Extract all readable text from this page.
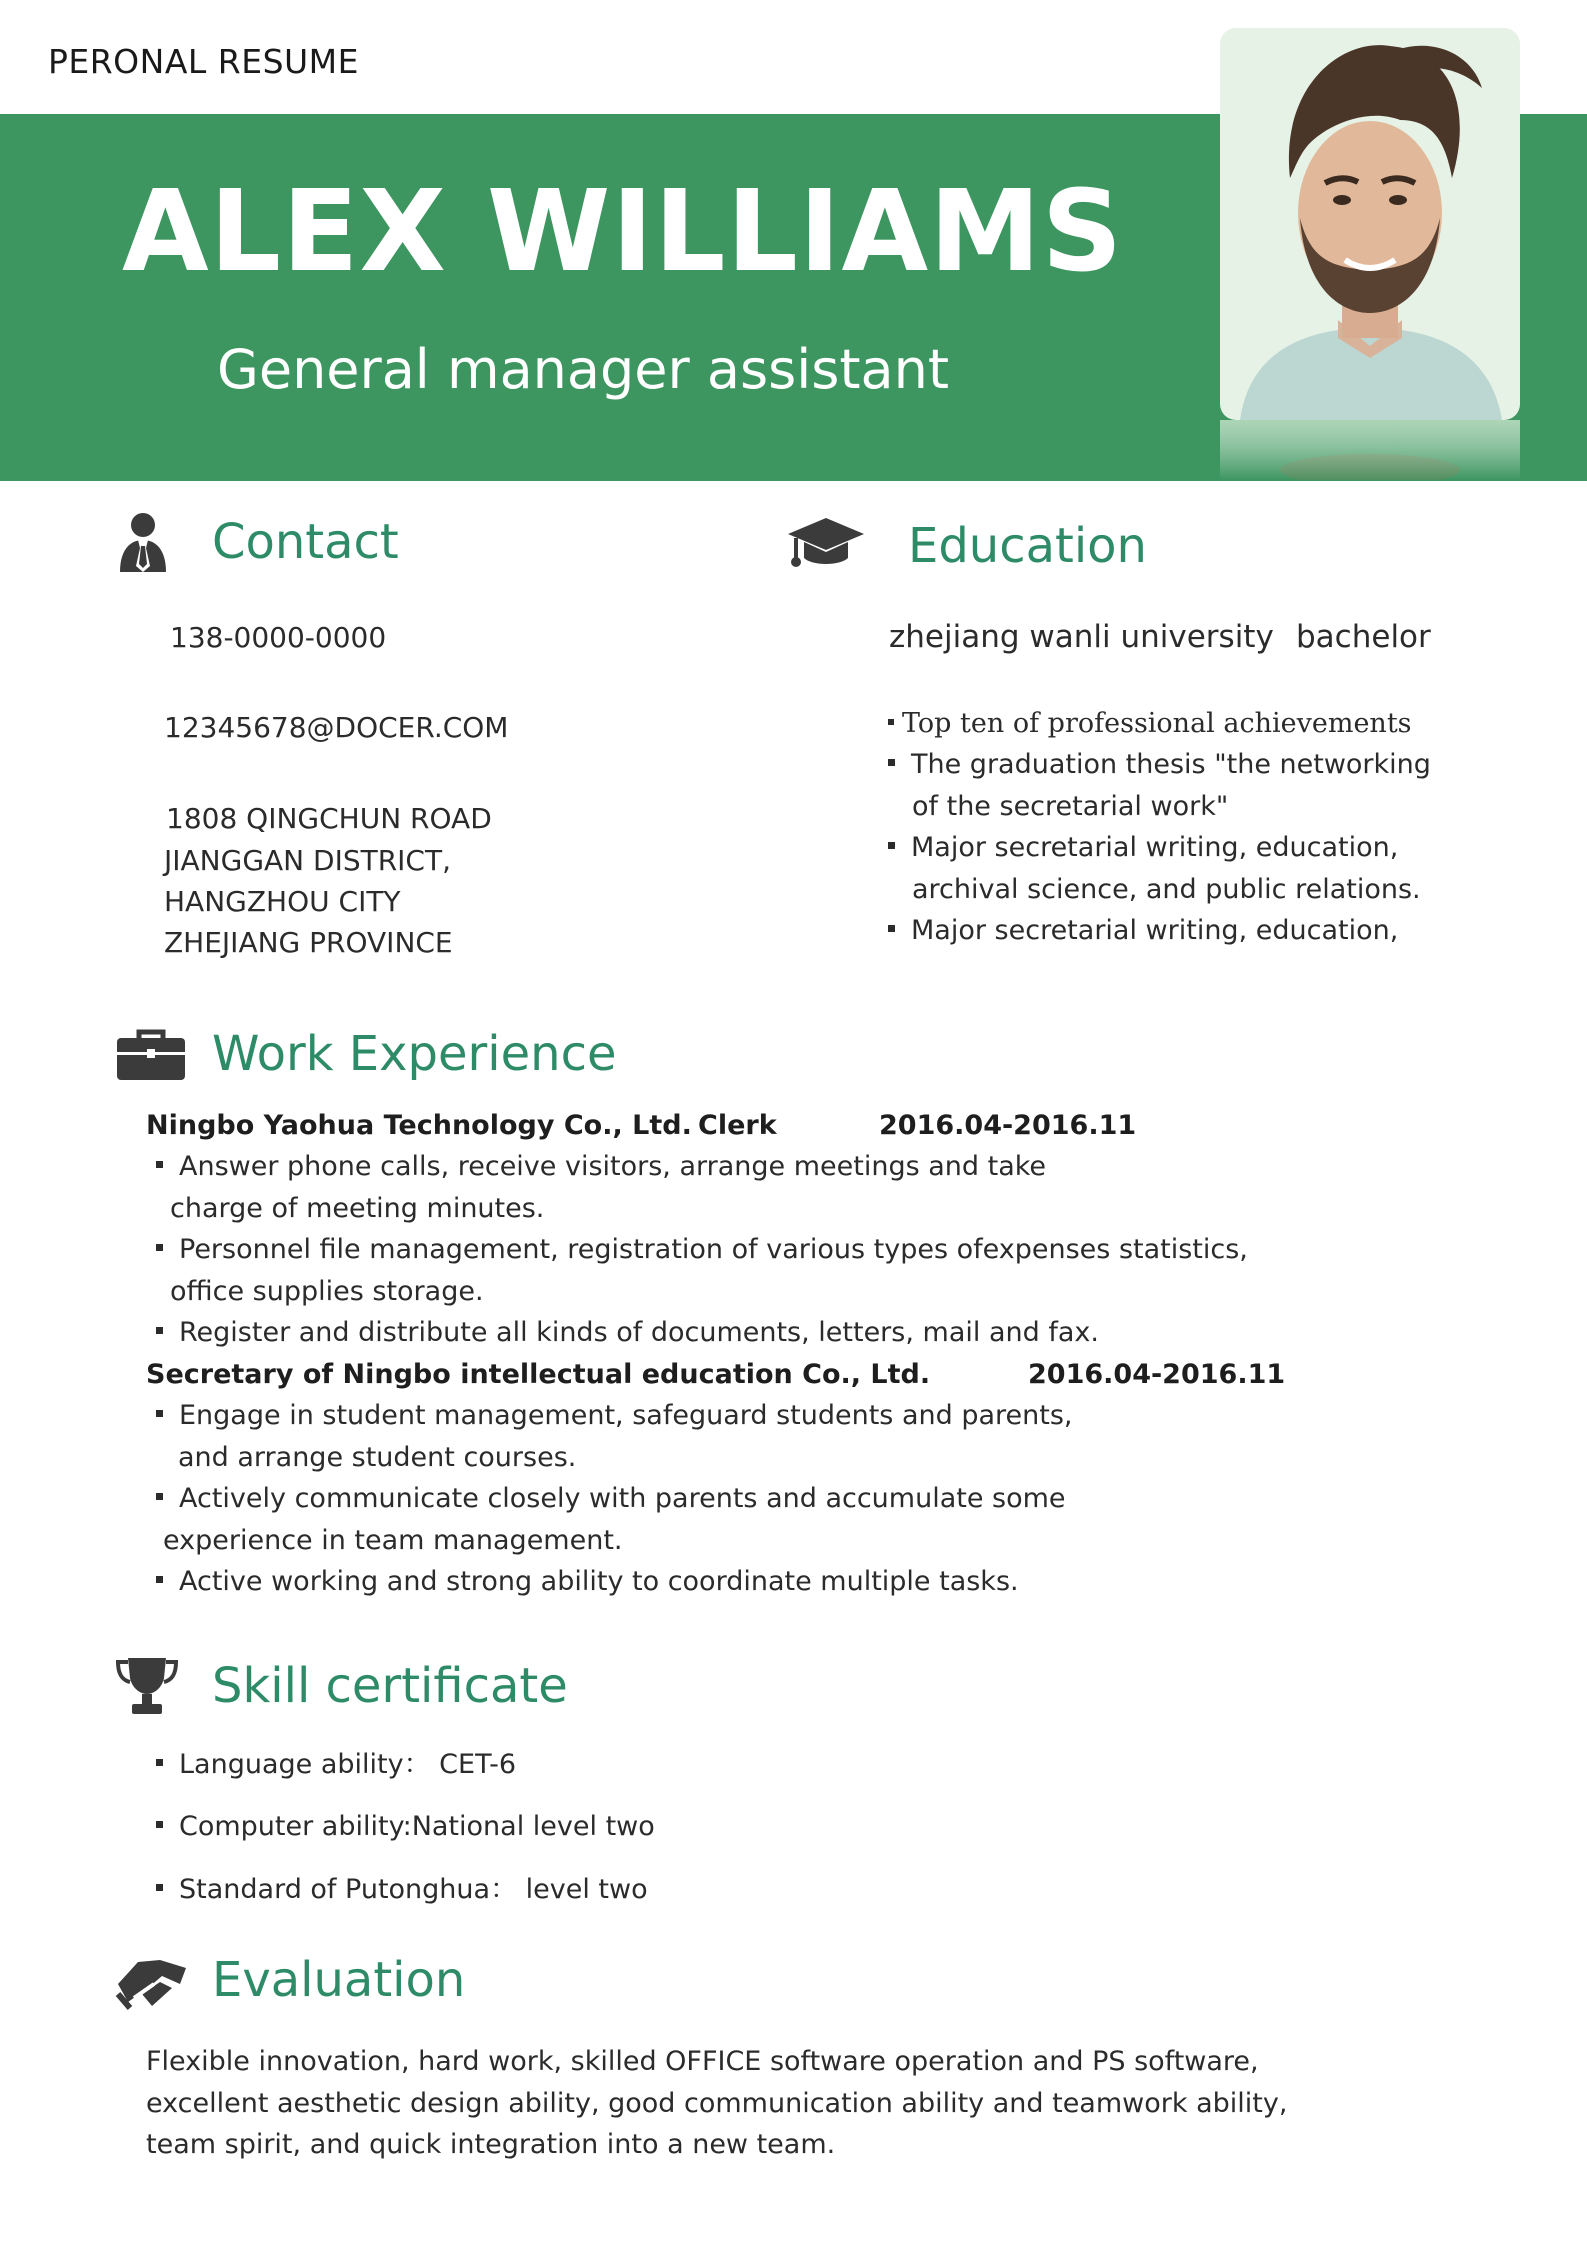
PERONAL RESUME
ALEX WILLIAMS
General manager assistant
Contact
138-0000-0000
12345678@DOCER.COM
1808 QINGCHUN ROAD
JIANGGAN DISTRICT,
HANGZHOU CITY
ZHEJIANG PROVINCE
Education
zhejiang wanli university bachelor
Top ten of professional achievements
The graduation thesis "the networking
of the secretarial work"
Major secretarial writing, education,
archival science, and public relations.
Major secretarial writing, education,
Work Experience
Ningbo Yaohua Technology Co., Ltd. Clerk	2016.04-2016.11
Answer phone calls, receive visitors, arrange meetings and take
charge of meeting minutes.
Personnel file management, registration of various types ofexpenses statistics,
office supplies storage.
Register and distribute all kinds of documents, letters, mail and fax.
Secretary of Ningbo intellectual education Co., Ltd.	2016.04-2016.11
Engage in student management, safeguard students and parents,
and arrange student courses.
Actively communicate closely with parents and accumulate some
experience in team management.
Active working and strong ability to coordinate multiple tasks.
Skill certificate
Language ability： CET-6
Computer ability:National level two
Standard of Putonghua： level two
Evaluation
Flexible innovation, hard work, skilled OFFICE software operation and PS software,
excellent aesthetic design ability, good communication ability and teamwork ability,
team spirit, and quick integration into a new team.
